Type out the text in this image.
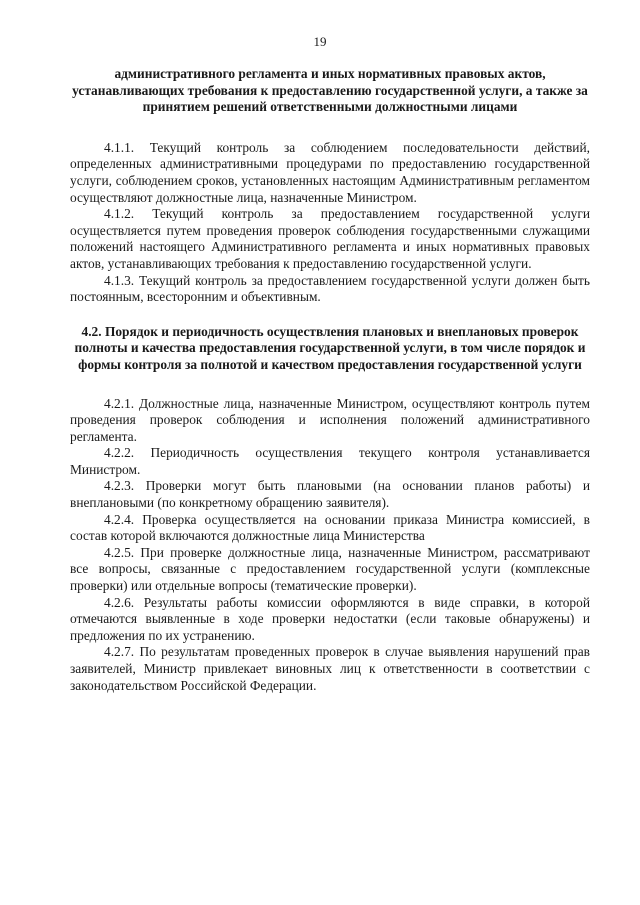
19

административного регламента и иных нормативных правовых актов, устанавливающих требования к предоставлению государственной услуги, а также за принятием решений ответственными должностными лицами

4.1.1. Текущий контроль за соблюдением последовательности действий, определенных административными процедурами по предоставлению государственной услуги, соблюдением сроков, установленных настоящим Административным регламентом осуществляют должностные лица, назначенные Министром.

4.1.2. Текущий контроль за предоставлением государственной услуги осуществляется путем проведения проверок соблюдения государственными служащими положений настоящего Административного регламента и иных нормативных правовых актов, устанавливающих требования к предоставлению государственной услуги.

4.1.3. Текущий контроль за предоставлением государственной услуги должен быть постоянным, всесторонним и объективным.

4.2. Порядок и периодичность осуществления плановых и внеплановых проверок полноты и качества предоставления государственной услуги, в том числе порядок и формы контроля за полнотой и качеством предоставления государственной услуги

4.2.1. Должностные лица, назначенные Министром, осуществляют контроль путем проведения проверок соблюдения и исполнения положений административного регламента.

4.2.2. Периодичность осуществления текущего контроля устанавливается Министром.

4.2.3. Проверки могут быть плановыми (на основании планов работы) и внеплановыми (по конкретному обращению заявителя).

4.2.4. Проверка осуществляется на основании приказа Министра комиссией, в состав которой включаются должностные лица Министерства

4.2.5. При проверке должностные лица, назначенные Министром, рассматривают все вопросы, связанные с предоставлением государственной услуги (комплексные проверки) или отдельные вопросы (тематические проверки).

4.2.6. Результаты работы комиссии оформляются в виде справки, в которой отмечаются выявленные в ходе проверки недостатки (если таковые обнаружены) и предложения по их устранению.

4.2.7. По результатам проведенных проверок в случае выявления нарушений прав заявителей, Министр привлекает виновных лиц к ответственности в соответствии с законодательством Российской Федерации.
